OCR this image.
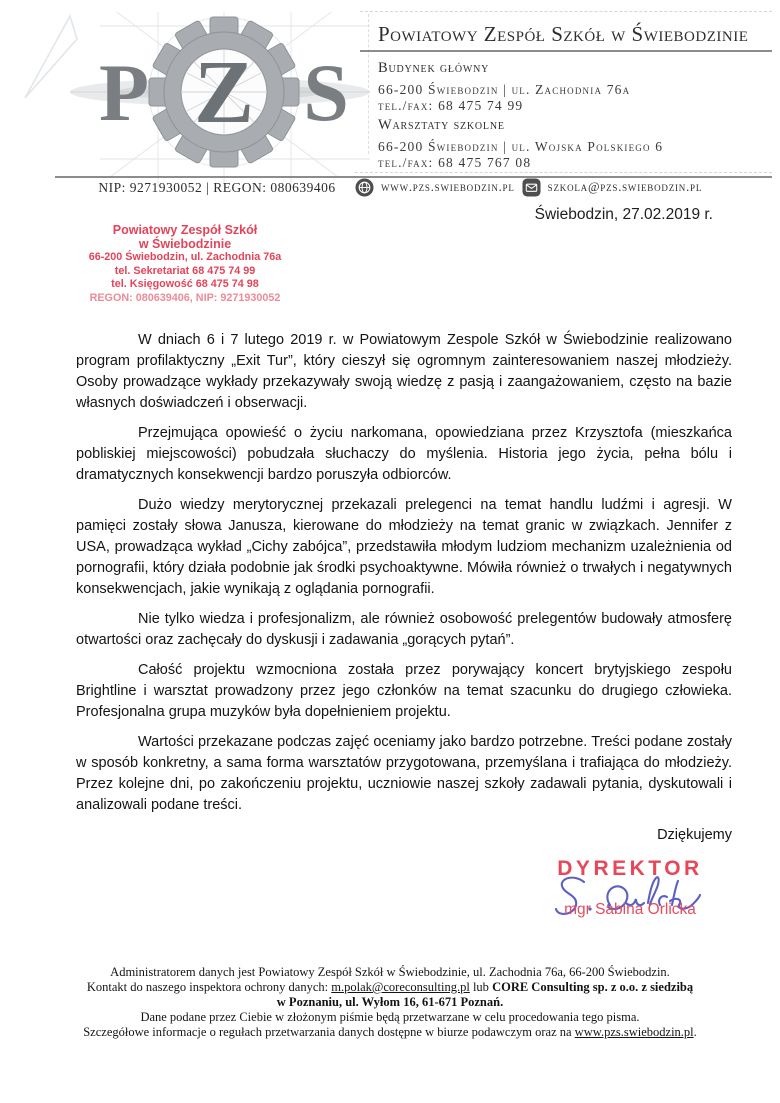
P Z S
Powiatowy Zespół Szkół w Świebodzinie
Budynek główny
66-200 Świebodzin | ul. Zachodnia 76a
tel./fax: 68 475 74 99
Warsztaty szkolne
66-200 Świebodzin | ul. Wojska Polskiego 6
tel./fax: 68 475 767 08
NIP: 9271930052 | REGON: 080639406	www.pzs.swiebodzin.pl	szkola@pzs.swiebodzin.pl
Powiatowy Zespół Szkół
w Świebodzinie
66-200 Świebodzin, ul. Zachodnia 76a
tel. Sekretariat 68 475 74 99
tel. Księgowość 68 475 74 98
REGON: 080639406, NIP: 9271930052
Świebodzin, 27.02.2019 r.

W dniach 6 i 7 lutego 2019 r. w Powiatowym Zespole Szkół w Świebodzinie realizowano program profilaktyczny „Exit Tur”, który cieszył się ogromnym zainteresowaniem naszej młodzieży. Osoby prowadzące wykłady przekazywały swoją wiedzę z pasją i zaangażowaniem, często na bazie własnych doświadczeń i obserwacji.

Przejmująca opowieść o życiu narkomana, opowiedziana przez Krzysztofa (mieszkańca pobliskiej miejscowości) pobudzała słuchaczy do myślenia. Historia jego życia, pełna bólu i dramatycznych konsekwencji bardzo poruszyła odbiorców.

Dużo wiedzy merytorycznej przekazali prelegenci na temat handlu ludźmi i agresji. W pamięci zostały słowa Janusza, kierowane do młodzieży na temat granic w związkach. Jennifer z USA, prowadząca wykład „Cichy zabójca”, przedstawiła młodym ludziom mechanizm uzależnienia od pornografii, który działa podobnie jak środki psychoaktywne. Mówiła również o trwałych i negatywnych konsekwencjach, jakie wynikają z oglądania pornografii.

Nie tylko wiedza i profesjonalizm, ale również osobowość prelegentów budowały atmosferę otwartości oraz zachęcały do dyskusji i zadawania „gorących pytań”.

Całość projektu wzmocniona została przez porywający koncert brytyjskiego zespołu Brightline i warsztat prowadzony przez jego członków na temat szacunku do drugiego człowieka. Profesjonalna grupa muzyków była dopełnieniem projektu.

Wartości przekazane podczas zajęć oceniamy jako bardzo potrzebne. Treści podane zostały w sposób konkretny, a sama forma warsztatów przygotowana, przemyślana i trafiająca do młodzieży. Przez kolejne dni, po zakończeniu projektu, uczniowie naszej szkoły zadawali pytania, dyskutowali i analizowali podane treści.

Dziękujemy

DYREKTOR
mgr Sabina Orlicka
Administratorem danych jest Powiatowy Zespół Szkół w Świebodzinie, ul. Zachodnia 76a, 66-200 Świebodzin.
Kontakt do naszego inspektora ochrony danych: m.polak@coreconsulting.pl lub CORE Consulting sp. z o.o. z siedzibą
w Poznaniu, ul. Wyłom 16, 61-671 Poznań.
Dane podane przez Ciebie w złożonym piśmie będą przetwarzane w celu procedowania tego pisma.
Szczegółowe informacje o regułach przetwarzania danych dostępne w biurze podawczym oraz na www.pzs.swiebodzin.pl.
